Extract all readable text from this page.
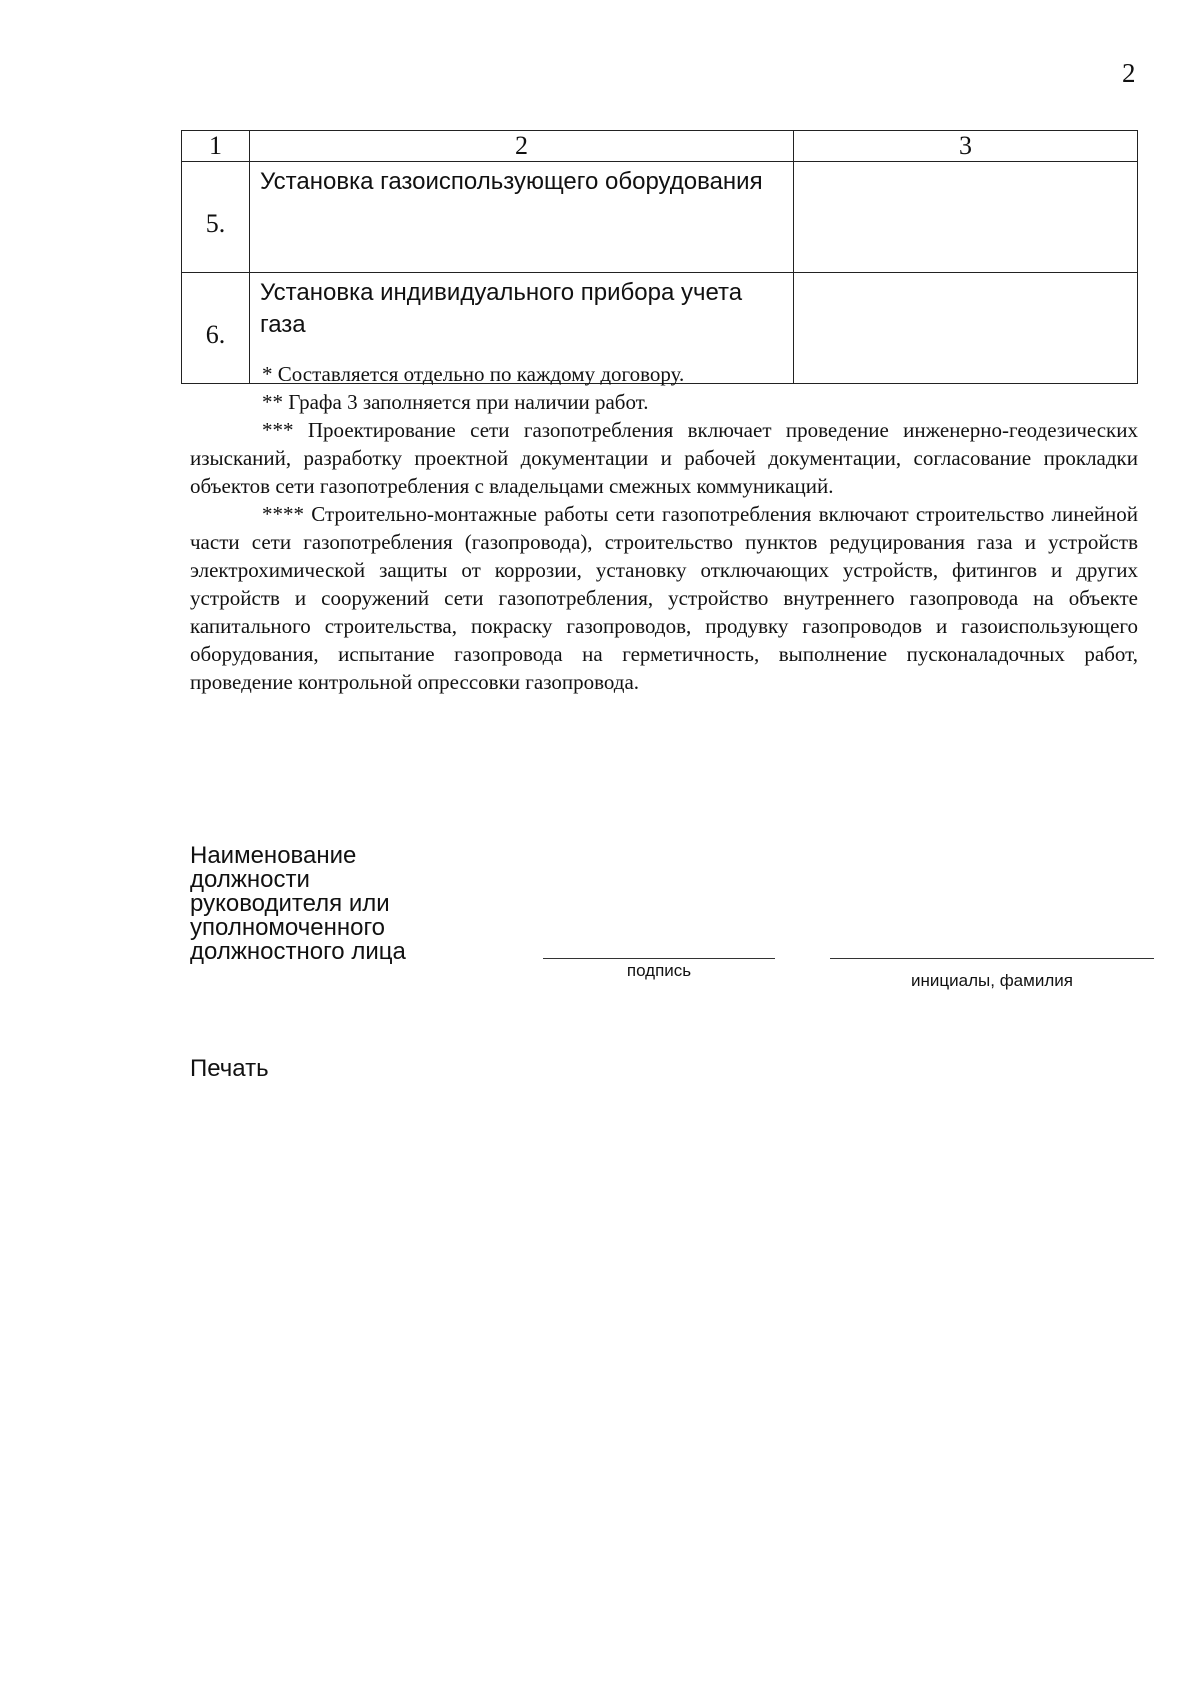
2
1	2	3
5.	Установка газоиспользующего оборудования	
6.	Установка индивидуального прибора учета газа	

* Составляется отдельно по каждому договору.

** Графа 3 заполняется при наличии работ.

*** Проектирование сети газопотребления включает проведение инженерно-геодезических изысканий, разработку проектной документации и рабочей документации, согласование прокладки объектов сети газопотребления с владельцами смежных коммуникаций.

**** Строительно-монтажные работы сети газопотребления включают строительство линейной части сети газопотребления (газопровода), строительство пунктов редуцирования газа и устройств электрохимической защиты от коррозии, установку отключающих устройств, фитингов и других устройств и сооружений сети газопотребления, устройство внутреннего газопровода на объекте капитального строительства, покраску газопроводов, продувку газопроводов и газоиспользующего оборудования, испытание газопровода на герметичность, выполнение пусконаладочных работ, проведение контрольной опрессовки газопровода.

Наименование
должности
руководителя или
уполномоченного
должностного лица
подпись
инициалы, фамилия
Печать
